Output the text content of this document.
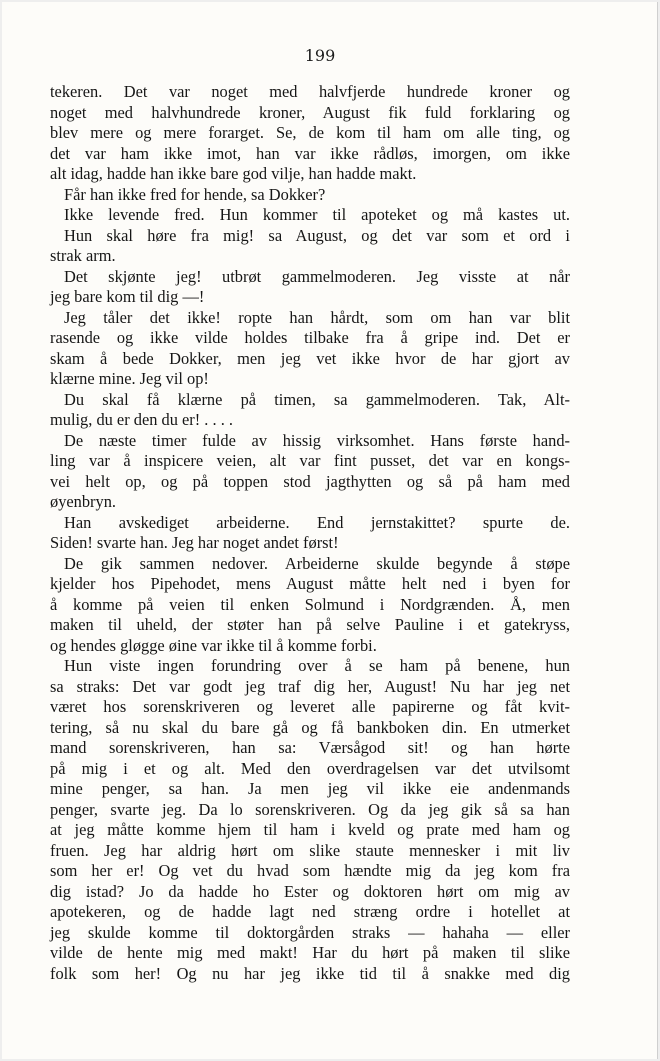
199
tekeren. Det var noget med halvfjerde hundrede kroner og
noget med halvhundrede kroner, August fik fuld forklaring og
blev mere og mere forarget. Se, de kom til ham om alle ting, og
det var ham ikke imot, han var ikke rådløs, imorgen, om ikke
alt idag, hadde han ikke bare god vilje, han hadde makt.
Får han ikke fred for hende, sa Dokker?
Ikke levende fred. Hun kommer til apoteket og må kastes ut.
Hun skal høre fra mig! sa August, og det var som et ord i
strak arm.
Det skjønte jeg! utbrøt gammelmoderen. Jeg visste at når
jeg bare kom til dig —!
Jeg tåler det ikke! ropte han hårdt, som om han var blit
rasende og ikke vilde holdes tilbake fra å gripe ind. Det er
skam å bede Dokker, men jeg vet ikke hvor de har gjort av
klærne mine. Jeg vil op!
Du skal få klærne på timen, sa gammelmoderen. Tak, Alt-
mulig, du er den du er! . . . .
De næste timer fulde av hissig virksomhet. Hans første hand-
ling var å inspicere veien, alt var fint pusset, det var en kongs-
vei helt op, og på toppen stod jagthytten og så på ham med
øyenbryn.
Han avskediget arbeiderne. End jernstakittet? spurte de.
Siden! svarte han. Jeg har noget andet først!
De gik sammen nedover. Arbeiderne skulde begynde å støpe
kjelder hos Pipehodet, mens August måtte helt ned i byen for
å komme på veien til enken Solmund i Nordgrænden. Å, men
maken til uheld, der støter han på selve Pauline i et gatekryss,
og hendes gløgge øine var ikke til å komme forbi.
Hun viste ingen forundring over å se ham på benene, hun
sa straks: Det var godt jeg traf dig her, August! Nu har jeg net
været hos sorenskriveren og leveret alle papirerne og fåt kvit-
tering, så nu skal du bare gå og få bankboken din. En utmerket
mand sorenskriveren, han sa: Værsågod sit! og han hørte
på mig i et og alt. Med den overdragelsen var det utvilsomt
mine penger, sa han. Ja men jeg vil ikke eie andenmands
penger, svarte jeg. Da lo sorenskriveren. Og da jeg gik så sa han
at jeg måtte komme hjem til ham i kveld og prate med ham og
fruen. Jeg har aldrig hørt om slike staute mennesker i mit liv
som her er! Og vet du hvad som hændte mig da jeg kom fra
dig istad? Jo da hadde ho Ester og doktoren hørt om mig av
apotekeren, og de hadde lagt ned stræng ordre i hotellet at
jeg skulde komme til doktorgården straks — hahaha — eller
vilde de hente mig med makt! Har du hørt på maken til slike
folk som her! Og nu har jeg ikke tid til å snakke med dig
